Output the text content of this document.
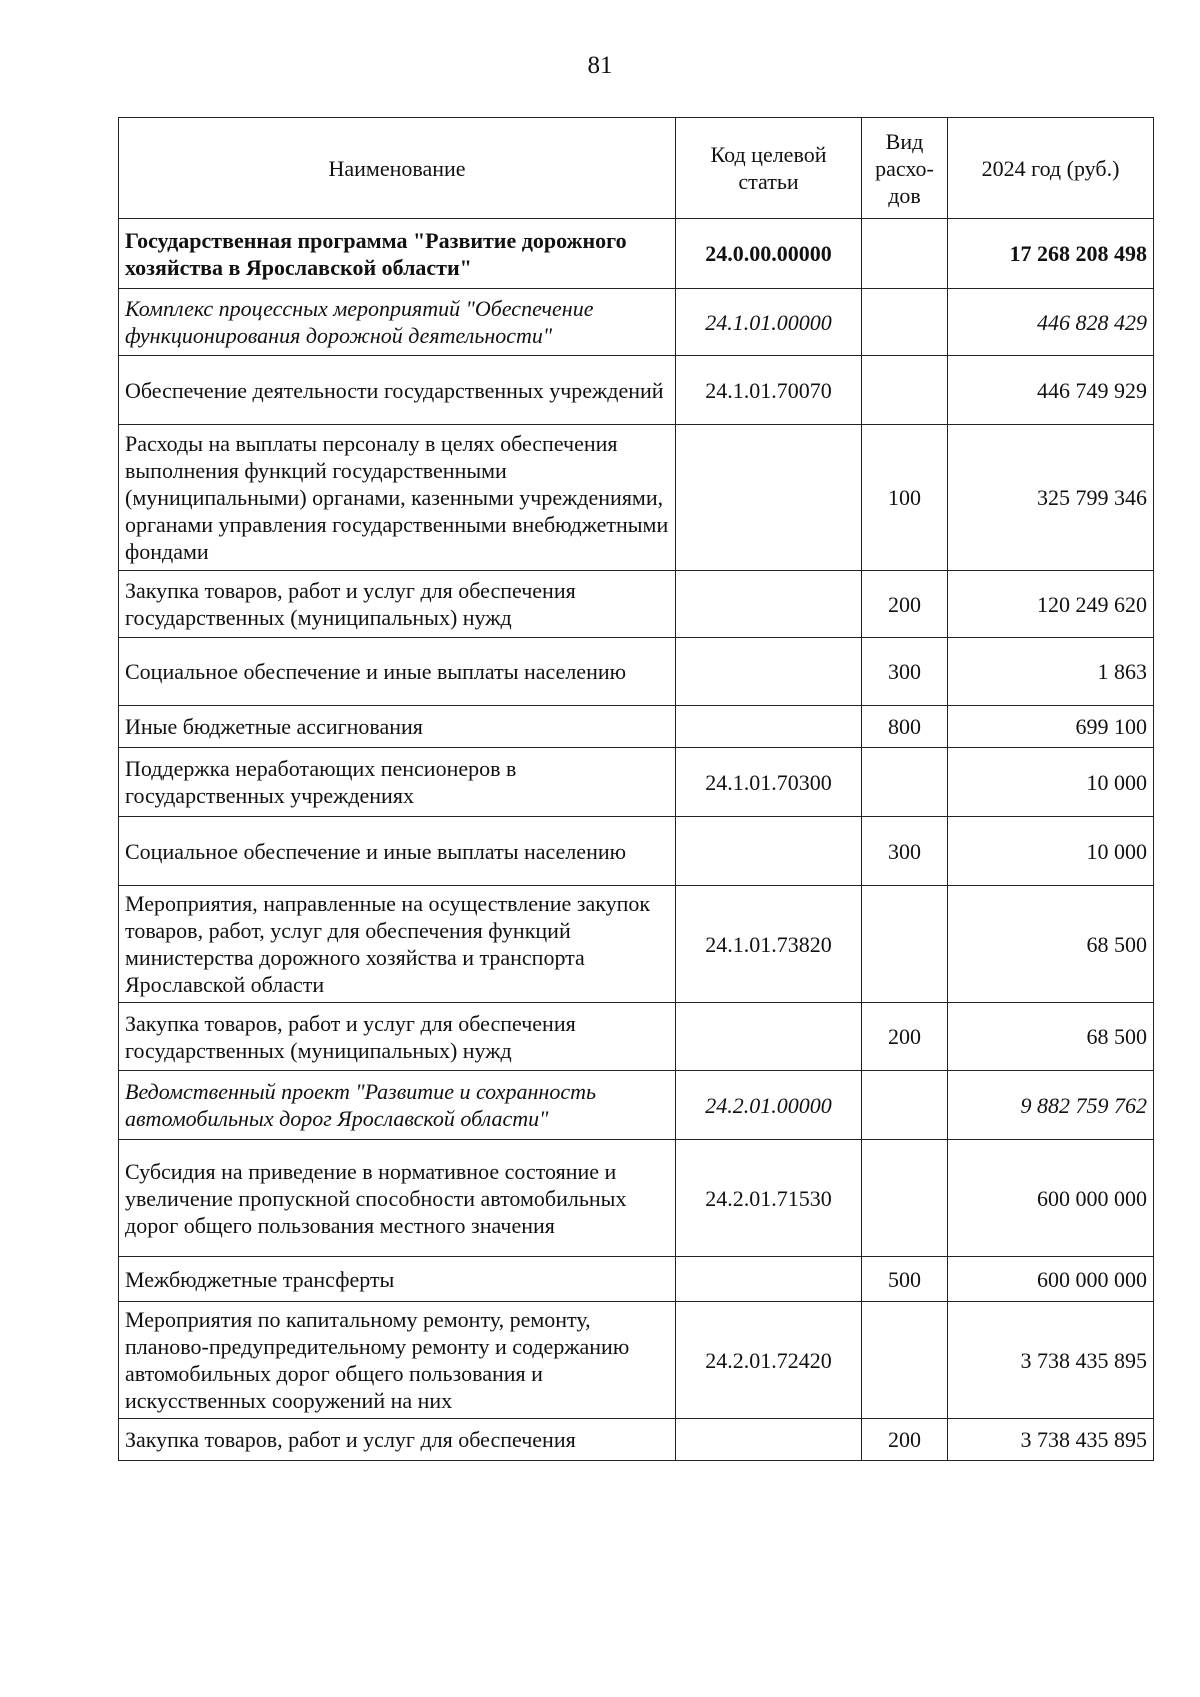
81
Наименование	Код целевой статьи	Вид расхо-дов	2024 год (руб.)
Государственная программа "Развитие дорожного хозяйства в Ярославской области"	24.0.00.00000		17 268 208 498
Комплекс процессных мероприятий "Обеспечение функционирования дорожной деятельности"	24.1.01.00000		446 828 429
Обеспечение деятельности государственных учреждений	24.1.01.70070		446 749 929
Расходы на выплаты персоналу в целях обеспечения выполнения функций государственными (муниципальными) органами, казенными учреждениями, органами управления государственными внебюджетными фондами		100	325 799 346
Закупка товаров, работ и услуг для обеспечения государственных (муниципальных) нужд		200	120 249 620
Социальное обеспечение и иные выплаты населению		300	1 863
Иные бюджетные ассигнования		800	699 100
Поддержка неработающих пенсионеров в государственных учреждениях	24.1.01.70300		10 000
Социальное обеспечение и иные выплаты населению		300	10 000
Мероприятия, направленные на осуществление закупок товаров, работ, услуг для обеспечения функций министерства дорожного хозяйства и транспорта Ярославской области	24.1.01.73820		68 500
Закупка товаров, работ и услуг для обеспечения государственных (муниципальных) нужд		200	68 500
Ведомственный проект "Развитие и сохранность автомобильных дорог Ярославской области"	24.2.01.00000		9 882 759 762
Субсидия на приведение в нормативное состояние и увеличение пропускной способности автомобильных дорог общего пользования местного значения	24.2.01.71530		600 000 000
Межбюджетные трансферты		500	600 000 000
Мероприятия по капитальному ремонту, ремонту, планово-предупредительному ремонту и содержанию автомобильных дорог общего пользования и искусственных сооружений на них	24.2.01.72420		3 738 435 895
Закупка товаров, работ и услуг для обеспечения		200	3 738 435 895
